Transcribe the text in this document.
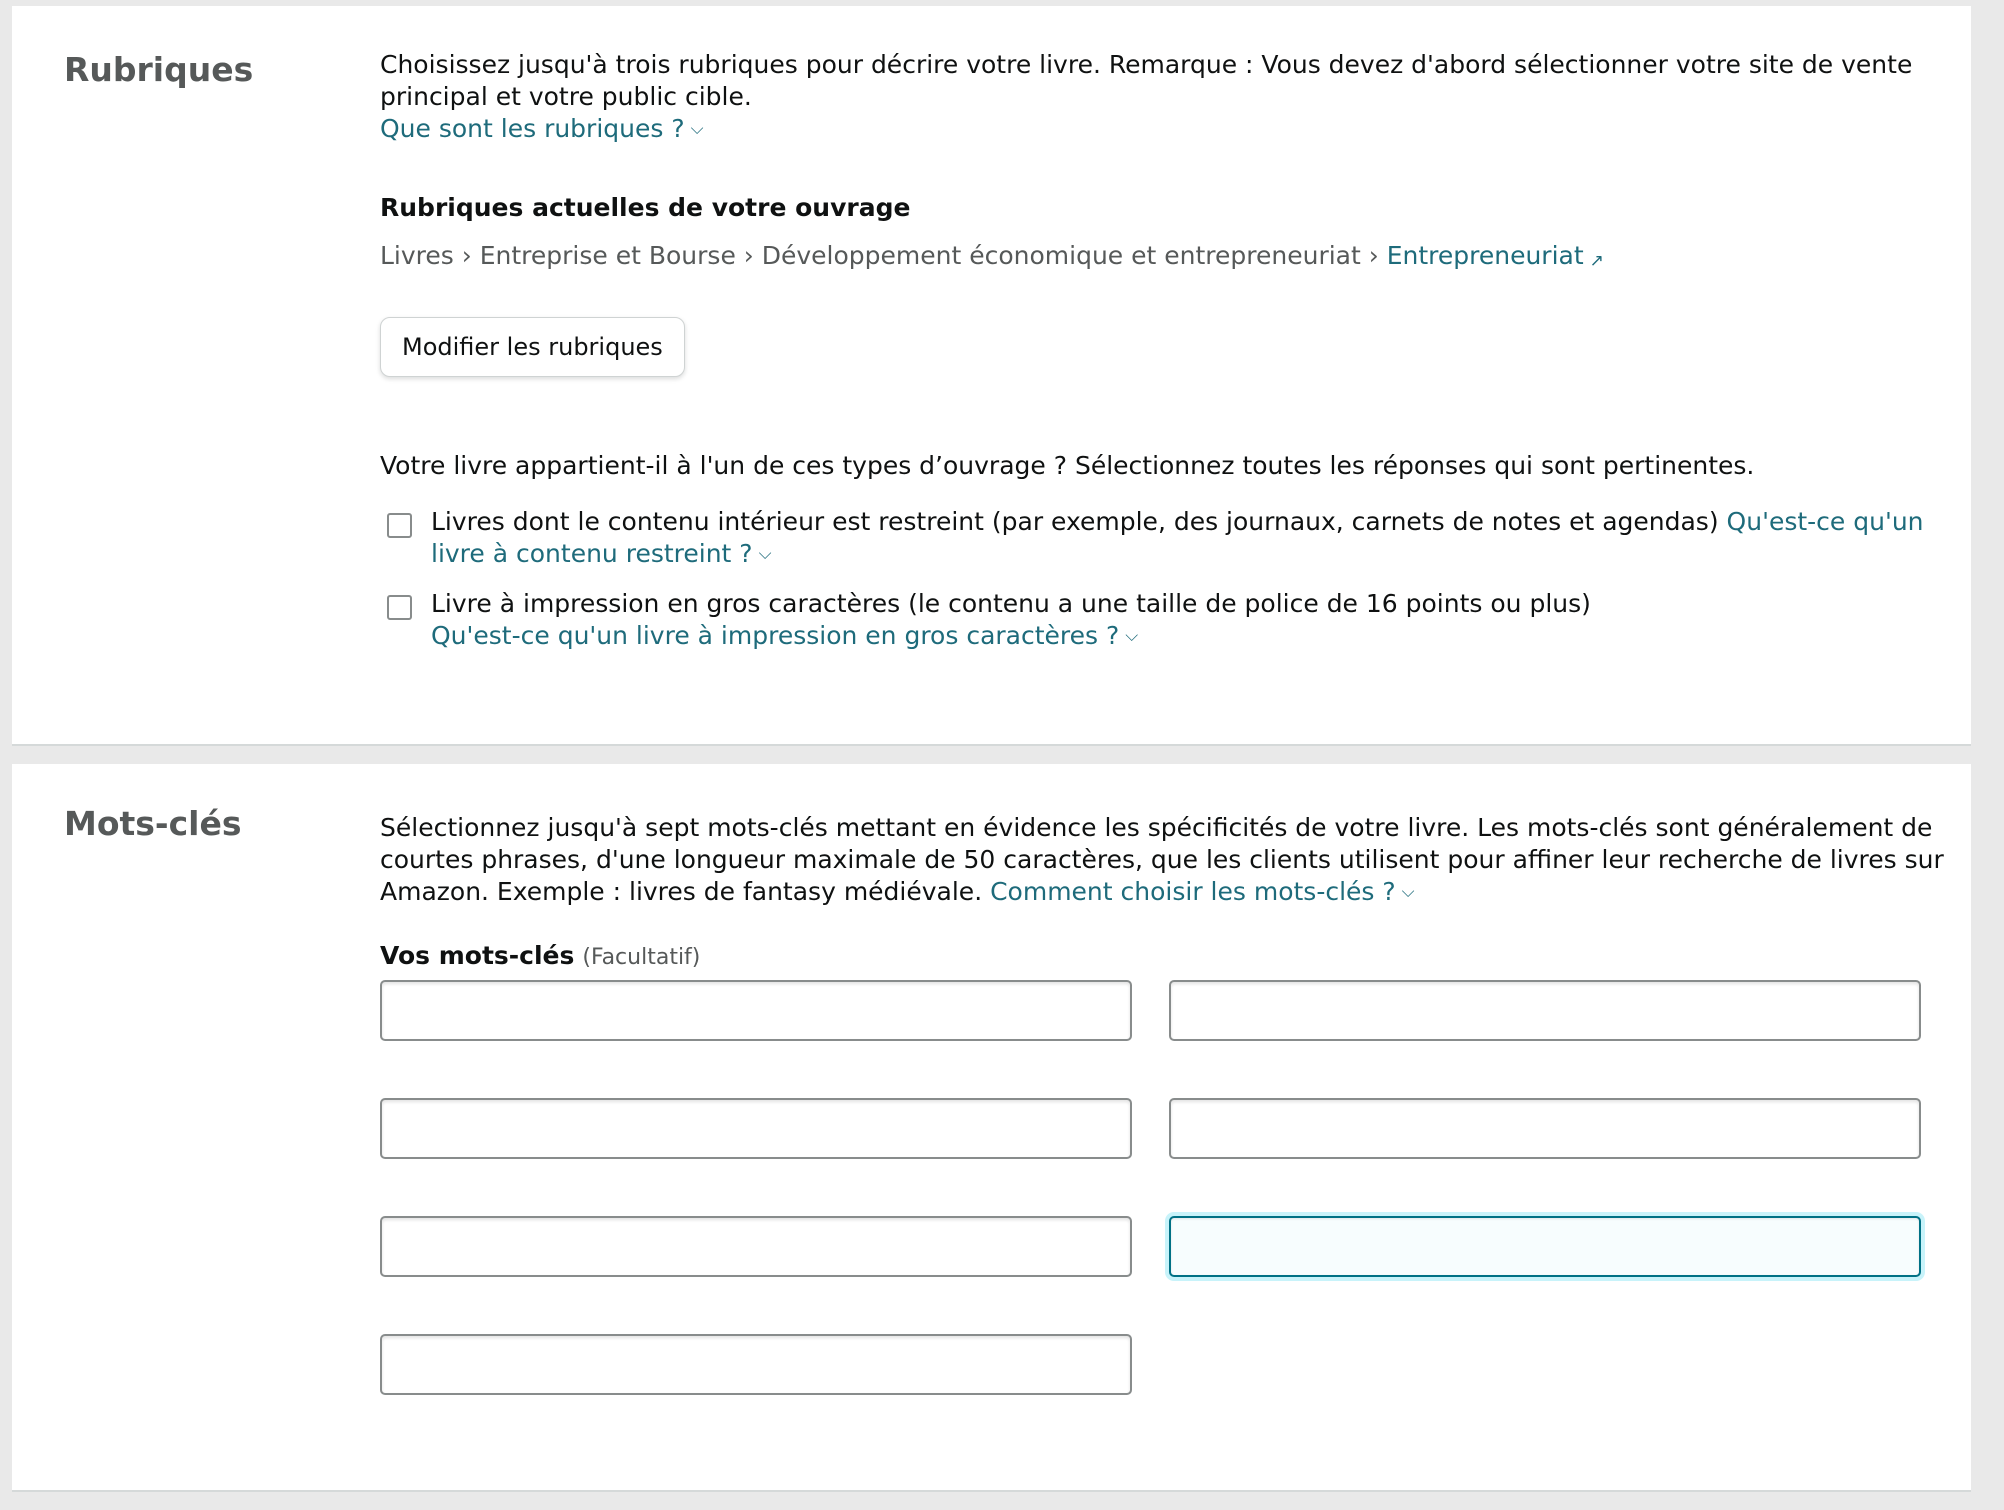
Rubriques	Choisissez jusqu'à trois rubriques pour décrire votre livre. Remarque : Vous devez d'abord sélectionner votre site de vente principal et votre public cible.
Que sont les rubriques ? ⌵
Rubriques actuelles de votre ouvrage
Livres › Entreprise et Bourse › Développement économique et entrepreneuriat › Entrepreneuriat ↗
Modifier les rubriques
Votre livre appartient-il à l'un de ces types d’ouvrage ? Sélectionnez toutes les réponses qui sont pertinentes.
Livres dont le contenu intérieur est restreint (par exemple, des journaux, carnets de notes et agendas) Qu'est-ce qu'un livre à contenu restreint ? ⌵
Livre à impression en gros caractères (le contenu a une taille de police de 16 points ou plus)
Qu'est-ce qu'un livre à impression en gros caractères ? ⌵
Mots-clés	Sélectionnez jusqu'à sept mots-clés mettant en évidence les spécificités de votre livre. Les mots-clés sont généralement de courtes phrases, d'une longueur maximale de 50 caractères, que les clients utilisent pour affiner leur recherche de livres sur Amazon. Exemple : livres de fantasy médiévale. Comment choisir les mots-clés ? ⌵
Vos mots-clés (Facultatif)
